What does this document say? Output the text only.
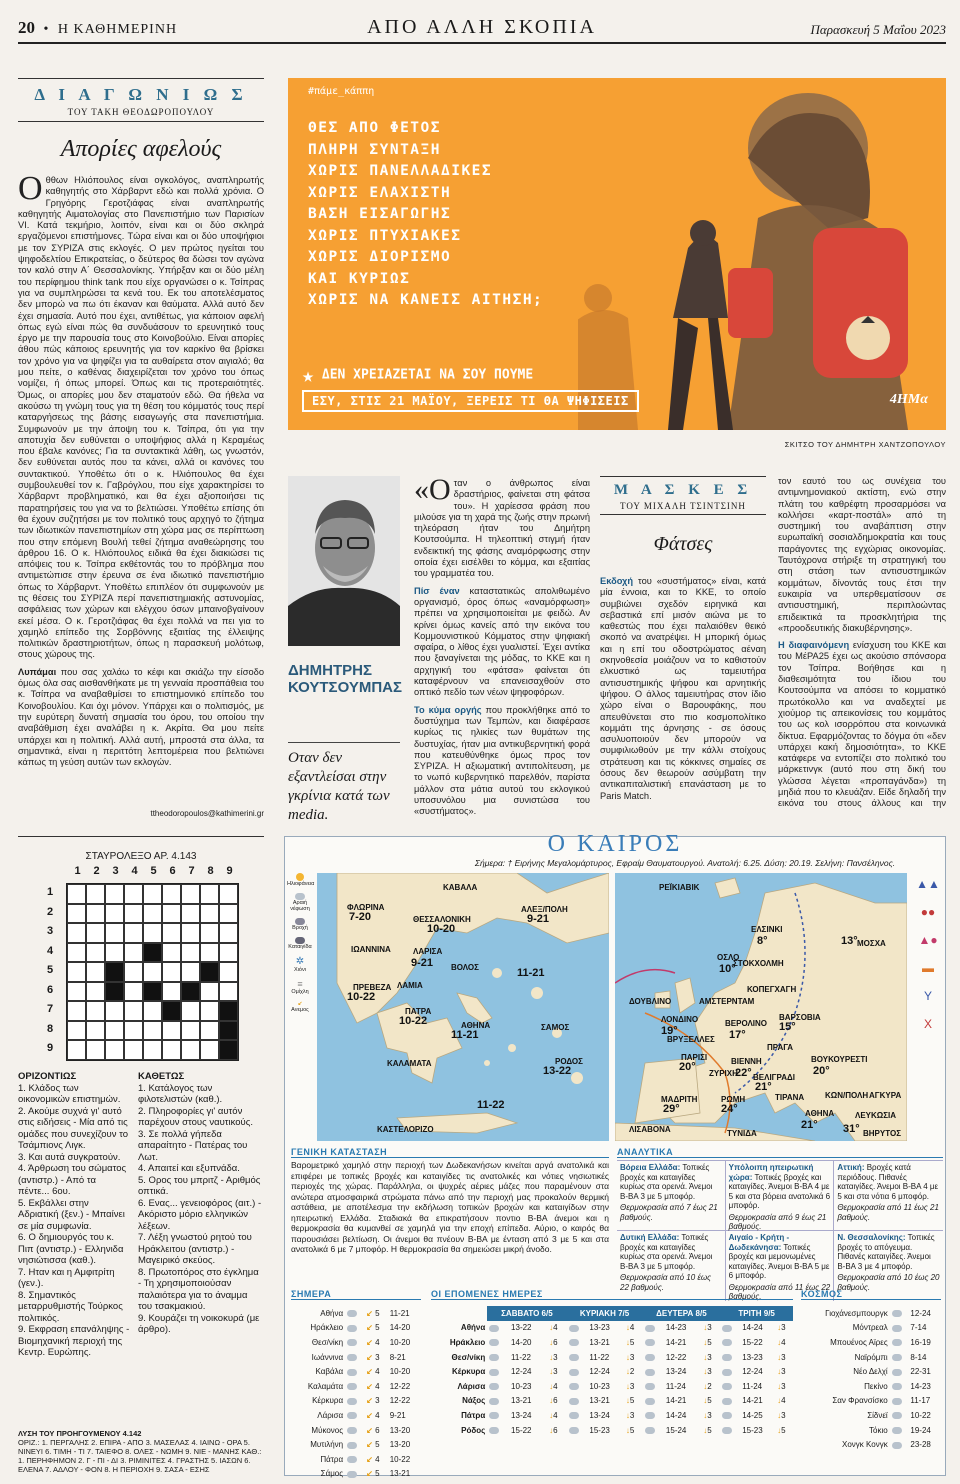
20 • Η ΚΑΘΗΜΕΡΙΝΗ	ΑΠΟ ΑΛΛΗ ΣΚΟΠΙΑ	Παρασκευή 5 Μαΐου 2023
Δ Ι Α Γ Ω Ν Ι Ω Σ
ΤΟΥ ΤΑΚΗ ΘΕΟΔΩΡΟΠΟΥΛΟΥ
Απορίες αφελούς

Οθθων Ηλιόπουλος είναι ογκολόγος, αναπληρωτής καθηγητής στο Χάρβαρντ εδώ και πολλά χρόνια. Ο Γρηγόρης Γεροτζιάφας είναι αναπληρωτής καθηγητής Αιματολογίας στο Πανεπιστήμιο των Παρισίων VI. Κατά τεκμήριο, λοιπόν, είναι και οι δύο σκληρά εργαζόμενοι επιστήμονες. Τώρα είναι και οι δύο υποψήφιοι με τον ΣΥΡΙΖΑ στις εκλογές. Ο μεν πρώτος ηγείται του ψηφοδελτίου Επικρατείας, ο δεύτερος θα δώσει τον αγώνα τον καλό στην Α΄ Θεσσαλονίκης. Υπήρξαν και οι δύο μέλη του περίφημου think tank που είχε οργανώσει ο κ. Τσίπρας για να συμπληρώσει τα κενά του. Εκ του αποτελέσματος δεν μπορώ να πω ότι έκαναν και θαύματα. Αλλά αυτό δεν έχει σημασία. Αυτό που έχει, αντιθέτως, για κάποιον αφελή όπως εγώ είναι πώς θα συνδυάσουν το ερευνητικό τους έργο με την παρουσία τους στο Κοινοβούλιο. Είναι απορίες άθου πώς κάποιος ερευνητής για τον καρκίνο θα βρίσκει τον χρόνο για να ψηφίζει για τα αυθαίρετα στον αιγιαλό; θα μου πείτε, ο καθένας διαχειρίζεται τον χρόνο του όπως νομίζει, ή όπως μπορεί. Όπως και τις προτεραιότητές. Όμως, οι απορίες μου δεν σταματούν εδώ. Θα ήθελα να ακούσω τη γνώμη τους για τη θέση του κόμματός τους περί καταργήσεως της βάσης εισαγωγής στα πανεπιστήμια. Συμφωνούν με την άποψη του κ. Τσίπρα, ότι για την αποτυχία δεν ευθύνεται ο υποψήφιος αλλά η Κεραμέως που έβαλε κανόνες; Για τα συντακτικά λάθη, ως γνωστόν, δεν ευθύνεται αυτός που τα κάνει, αλλά οι κανόνες του συντακτικού. Υποθέτω ότι ο κ. Ηλιόπουλος θα έχει συμβουλευθεί τον κ. Γαβρόγλου, που είχε χαρακτηρίσει το Χάρβαρντ προβληματικό, και θα έχει αξιοποιήσει τις παρατηρήσεις του για να το βελτιώσει. Υποθέτω επίσης ότι θα έχουν συζητήσει με τον πολιτικό τους αρχηγό το ζήτημα των ιδιωτικών πανεπιστημίων στη χώρα μας σε περίπτωση που στην επόμενη Βουλή τεθεί ζήτημα αναθεώρησης του άρθρου 16. Ο κ. Ηλιόπουλος ειδικά θα έχει διακιώσει τις απόψεις του κ. Τσίπρα εκθέτοντάς του το πρόβλημα που αντιμετώπισε στην έρευνα σε ένα ιδιωτικό πανεπιστήμιο όπως το Χάρβαρντ. Υποθέτω επιπλέον ότι συμφωνούν με τις θέσεις του ΣΥΡΙΖΑ περί πανεπιστημιακής αστυνομίας, ασφάλειας των χώρων και ελέγχου όσων μπαινοβγαίνουν εκεί μέσα. Ο κ. Γεροτζιάφας θα έχει πολλά να πει για το χαμηλό επίπεδο της Σορβόννης εξαιτίας της έλλειψης πολιτικών δραστηριοτήτων, όπως η παρασκευή μολότωφ, στους χώρους της.

Λυπάμαι που σας χαλάω το κέφι και σκιάζω την είσοδο όμως όλα σας αισθανθήκατε με τη γενναία προσπάθεια του κ. Τσίπρα να αναβαθμίσει το επιστημονικό επίπεδο του Κοινοβουλίου. Και όχι μόνον. Υπάρχει και ο πολιτισμός, με την ευρύτερη δυνατή σημασία του όρου, του οποίου την αναβάθμιση έχει αναλάβει η κ. Ακρίτα. Θα μου πείτε υπάρχει και η πολιτική. Αλλά αυτή, μπροστά στα άλλα, τα σημαντικά, είναι η περιττότη λεπτομέρεια που βελτιώνει κάπως τη γεύση αυτών των εκλογών.

ttheodoropoulos@kathimerini.gr
#πάμε_κάππη
ΘΕΣ ΑΠΟ ΦΕΤΟΣ
ΠΛΗΡΗ ΣΥΝΤΑΞΗ
ΧΩΡΙΣ ΠΑΝΕΛΛΑΔΙΚΕΣ
ΧΩΡΙΣ ΕΛΑΧΙΣΤΗ
ΒΑΣΗ ΕΙΣΑΓΩΓΗΣ
ΧΩΡΙΣ ΠΤΥΧΙΑΚΕΣ
ΧΩΡΙΣ ΔΙΟΡΙΣΜΟ
ΚΑΙ ΚΥΡΙΩΣ
ΧΩΡΙΣ ΝΑ ΚΑΝΕΙΣ ΑΙΤΗΣΗ;
ΕΣΥ, ΣΤΙΣ 21 ΜΑΪΟΥ, ΞΕΡΕΙΣ ΤΙ ΘΑ ΨΗΦΙΣΕΙΣ
★ ΔΕΝ ΧΡΕΙΑΖΕΤΑΙ ΝΑ ΣΟΥ ΠΟΥΜΕ
4HΜα
ΣΚΙΤΣΟ ΤΟΥ ΔΗΜΗΤΡΗ ΧΑΝΤΖΟΠΟΥΛΟΥ
ΔΗΜΗΤΡΗΣ
ΚΟΥΤΣΟΥΜΠΑΣ
Οταν δεν εξαντλείσαι στην γκρίνια κατά των media.

«Οταν ο άνθρωπος είναι δραστήριος, φαίνεται στη φάτσα του». Η χαρίεσσα φράση που μιλούσε για τη χαρά της ζωής στην πρωινή τηλεόραση ήταν του Δημήτρη Κουτσούμπα. Η τηλεοπτική στιγμή ήταν ενδεικτική της φάσης αναμόρφωσης στην οποία έχει εισέλθει το κόμμα, και εξαιτίας του γραμματέα του.

Πίσ έναν καταστατικώς απολιθωμένο οργανισμό, όρος όπως «αναμόρφωση» πρέπει να χρησιμοποιείται με φειδώ. Αν κρίνει όμως κανείς από την εικόνα του Κομμουνιστικού Κόμματος στην ψηφιακή σφαίρα, ο λίθος έχει γυαλιστεί. Έχει αντίκα που ξαναγίνεται της μόδας, το ΚΚΕ και η αρχηγική του «φάτσα» φαίνεται ότι καταφέρνουν να επανεισαχθούν στο οπτικό πεδίο των νέων ψηφοφόρων.

Το κύμα οργής που προκλήθηκε από το δυστύχημα των Τεμπών, και διαφέρασε κυρίως τις ηλικίες των θυμάτων της δυστυχίας, ήταν μια αντικυβερνητική φορά που κατευθύνθηκε όμως προς τον ΣΥΡΙΖΑ. Η αξιωματική αντιπολίτευση, με το νωπό κυβερνητικό παρελθόν, παρίστα μάλλον στα μάτια αυτού του εκλογικού υποσυνόλου μια συνιστώσα του «συστήματος».

Μ Α Σ Κ Ε Σ
ΤΟΥ ΜΙΧΑΛΗ ΤΣΙΝΤΣΙΝΗ
Φάτσες

Εκδοχή του «συστήματος» είναι, κατά μία έννοια, και το ΚΚΕ, το οποίο συμβιώνει σχεδόν ειρηνικά και σεβαστικά επί μισόν αιώνα με το καθεστώς που έχει παλαιόθεν θεικό σκοπό να ανατρέψει. Η μπορική όμως και η επί του οδοστρώματος αέναη σκηνοθεσία μοιάζουν να το καθιστούν ελκυστικό ως ταμειυτήρα αντισυστημικής ψήφου και αρνητικής ψήφου. Ο άλλος ταμειυτήρας στον ίδιο χώρο είναι ο Βαρουφάκης, που απευθύνεται στο πιο κοσμοπολίτικο κομμάτι της άρνησης - σε όσους ασυλυοποιούν δεν μπορούν να συμφιλιωθούν με την κάλλι στοίχους στράτευση και τις κόκκινες σημαίες σε όσους δεν θεωρούν ασύμβατη την αντικαπιταλιστική επανάσταση με το Paris Match.

τον εαυτό του ως συνέχεια του αντιμνημονιακού ακτίστη, ενώ στην πλάτη του καθρέφτη προσαρμόσει να κολλήσει «καρτ-ποστάλ» από τη συστημική του αναβάπτιση στην ευρωπαϊκή σοσιαλδημοκρατία και τους παράγοντες της εγχώριας οικονομίας. Ταυτόχρονα στήριξε τη στρατηγική του στη στάση των αντισυστημικών κομμάτων, δίνοντάς τους έτσι την ευκαιρία να υπερθεματίσουν σε αντισυστημική, περιπλοώντας επιδεικτικά τα προσκλητήρια της «προοδευτικής διακυβέρνησης».

Η διαφαινόμενη ενίσχυση του ΚΚΕ και του ΜέΡΑ25 έχει ως ακούσιο σπόνσορα τον Τσίπρα. Βοήθησε και η διαθεσιμότητα του ίδιου του Κουτσούμπα να απόσει το κομματικό πρωτόκολλο και να αναδεχτεί με χιούμορ τις απεικονίσεις του κομμάτος του ως κολ ισορρόπου στα κοινωνικά δίκτυα. Εφαρμόζοντας το δόγμα ότι «δεν υπάρχει κακή δημοσιότητα», το ΚΚΕ κατάφερε να εντοπίζει στο πολιτικό του μάρκετινγκ (αυτό που στη δική του γλώσσα λέγεται «προπαγάνδα») τη μηδιά που το κλευάζαν. Είδε δηλαδή την εικόνα του στους άλλους και την

ΣΤΑΥΡΟΛΕΞΟ ΑΡ. 4.143
1	2	3	4	5	6	7	8	9
1
2
3
4
5
6
7
8
9
ΟΡΙΖΟΝΤΙΩΣ
1. Κλάδος των οικονομικών επιστημών.
2. Ακούμε συχνά γι' αυτό στις ειδήσεις - Μία από τις ομάδες που συνεχίζουν το Τσάμπιονς Λιγκ.
3. Και αυτά συγκρατούν.
4. Άρθρωση του σώματος (αντιστρ.) - Από τα πέντε... 6ου.
5. Εκβάλλει στην Αδριατική (ξεν.) - Μπαίνει σε μία συμφωνία.
6. Ο δημιουργός του κ. Πιπ (αντιστρ.) - Ελληνιδα νησιώτισσα (καθ.).
7. Ηταν και η Αμφιτρίτη (γεν.).
8. Σημαντικός μεταρρυθμιστής Τούρκος πολιτικός.
9. Εκφραση επανάληψης - Βιομηχανική περιοχή της Κεντρ. Ευρώπης.
ΚΑΘΕΤΩΣ
1. Κατάλογος των φιλοτελιστών (καθ.).
2. Πληροφορίες γι' αυτόν παρέχουν στους ναυτικούς.
3. Σε πολλά γήπεδα απαραίτητο - Πατέρας του Λωτ.
4. Απαιτεί και εξυπνάδα.
5. Ορος του μπριτζ - Αριθμός οπτικά.
6. Ενας... γενειοφόρος (αιτ.) - Ακόριστο μόριο ελληνικών λέξεων.
7. Λέξη γνωστού ρητού του Ηράκλειτου (αντιστρ.) - Μαγειρικό σκεύος.
8. Πρωτοπόρος στο έγκλημα - Τη χρησιμοποιούσαν παλαιότερα για το άναμμα του τσακμακιού.
9. Κουράζει τη νοικοκυρά (με άρθρο).
ΛΥΣΗ ΤΟΥ ΠΡΟΗΓΟΥΜΕΝΟΥ 4.142
ΟΡΙΖ.: 1. ΠΕΡΓΑΛΗΣ 2. ΕΠΙΡΑ - ΑΠΟ 3. ΜΑΣΕΛΑΣ 4. ΙΑΙΝΩ - ΟΡΑ 5. ΝΙΝΕΥΙ 6. ΤΙΜΗ - ΤΙ 7. ΤΑΙΕΦΟ 8. ΟΛΕΣ - ΝΩΜΗ 9. ΝΙΕ - ΜΑΝΗΣ ΚΑΘ.: 1. ΠΕΡΗΦΗΜΟΝ 2. Γ - ΠΙ - ΔΙ 3. ΡΙΜΙΝΙΤΕΣ 4. ΓΡΑΣΤΗΣ 5. ΙΑΣΩΝ 6. ΕΛΕΝΑ 7. ΑΔΛΟΥ - ΦΟΝ 8. Η ΠΕΡΙΟΧΗ 9. ΣΑΣΑ - ΕΣΗΣ
Ο ΚΑΙΡΟΣ
Σήμερα: † Ειρήνης Μεγαλομάρτυρος, Εφραίμ Θαυματουργού. Ανατολή: 6.25. Δύση: 20.19. Σελήνη: Πανσέληνος.
Ηλιοφάνεια
Αραιή νέφωση
Βροχή
Καταιγίδα
✲
Χιόνι
≡
Ομίχλη
↙
Ανεμος
ΚΑΒΑΛΑ
ΦΛΩΡΙΝΑ
7-20	ΘΕΣΣΑΛΟΝΙΚΗ
10-20
ΑΛΕΞ/ΠΟΛΗ
9-21
ΙΩΑΝΝΙΝΑ	ΛΑΡΙΣΑ
9-21 ΒΟΛΟΣ
ΠΡΕΒΕΖΑ
10-22
ΛΑΜΙΑ
ΠΑΤΡΑ
10-22	ΑΘΗΝΑ
11-21
ΣΑΜΟΣ
ΚΑΛΑΜΑΤΑ	ΡΟΔΟΣ
13-22
11-22
ΚΑΣΤΕΛΟΡΙΖΟ
11-21
ΡΕΪΚΙΑΒΙΚ
ΕΛΣΙΝΚΙ
8°	ΜΟΣΧΑ
13°
ΟΣΛΟ
10°
ΣΤΟΚΧΟΛΜΗ
ΚΟΠΕΓΧΑΓΗ
ΔΟΥΒΛΙΝΟ	ΑΜΣΤΕΡΝΤΑΜ
ΛΟΝΔΙΝΟ
19°
ΒΕΡΟΛΙΝΟ
17°
ΒΑΡΣΟΒΙΑ
15°
ΒΡΥΞΕΛΛΕΣ
ΠΡΑΓΑ
ΠΑΡΙΣΙ
20°	ΒΙΕΝΝΗ
22°
ΒΟΥΚΟΥΡΕΣΤΙ
20°
ΖΥΡΙΧΗ ΒΕΛΙΓΡΑΔΙ
21°
ΡΩΜΗ
24°
ΜΑΔΡΙΤΗ
29°
ΤΙΡΑΝΑ	ΚΩΝ/ΠΟΛΗ ΑΓΚΥΡΑ
ΛΙΣΑΒΟΝΑ
ΑΘΗΝΑ
21°
ΛΕΥΚΩΣΙΑ
31° ΒΗΡΥΤΟΣ
ΤΥΝΙΔΑ
▲▲
●●
▲●
▬
Y
X
ΓΕΝΙΚΗ ΚΑΤΑΣΤΑΣΗ
Βαρομετρικό χαμηλό στην περιοχή των Δωδεκανήσων κινείται αργά ανατολικά και επιφέρει με τοπικές βροχές και καταιγίδες τις ανατολικές και νότιες νησιωτικές περιοχές της χώρας. Παράλληλα, οι ψυχρές αέριες μάζες που παραμένουν στα ανώτερα ατμοσφαιρικά στρώματα πάνω από την περιοχή μας προκαλούν θερμική αστάθεια, με αποτέλεσμα την εκδήλωση τοπικών βροχών και καταιγίδων στην ηπειρωτική Ελλάδα. Σταδιακά θα επικρατήσουν ποντιο Β-ΒΑ άνεμοι και η θερμοκρασία θα κυμανθεί σε χαμηλά για την εποχή επίπεδα. Αύριο, ο καιρός θα παρουσιάσει βελτίωση. Οι άνεμοι θα πνέουν Β-ΒΑ με ένταση από 3 με 5 και στα ανατολικά 6 με 7 μποφόρ. Η θερμοκρασία θα σημειώσει μικρή άνοδο.
ΑΝΑΛΥΤΙΚΑ
Βόρεια Ελλάδα: Τοπικές βροχές και καταιγίδες κυρίως στα ορεινά. Άνεμοι Β-ΒΑ 3 με 5 μποφόρ.
Θερμοκρασία από 7 έως 21 βαθμούς.
Υπόλοιπη ηπειρωτική χώρα: Τοπικές βροχές και καταιγίδες. Άνεμοι Β-ΒΑ 4 με 5 και στα βόρεια ανατολικά 6 μποφόρ.
Θερμοκρασία από 9 έως 21 βαθμούς.
Αττική: Βροχές κατά περιόδους. Πιθανές καταιγίδες. Άνεμοι Β-ΒΑ 4 με 5 και στα νότια 6 μποφόρ.
Θερμοκρασία από 11 έως 21 βαθμούς.
Δυτική Ελλάδα: Τοπικές βροχές και καταιγίδες κυρίως στα ορεινά. Άνεμοι Β-ΒΑ 3 με 5 μποφόρ.
Θερμοκρασία από 10 έως 22 βαθμούς.
Αιγαίο - Κρήτη - Δωδεκάνησα: Τοπικές βροχές και μεμονωμένες καταιγίδες. Άνεμοι Β-ΒΑ 5 με 6 μποφόρ.
Θερμοκρασία από 11 έως 22 βαθμούς.
Ν. Θεσσαλονίκης: Τοπικές βροχές το απόγευμα. Πιθανές καταιγίδες. Άνεμοι Β-ΒΑ 3 με 4 μποφόρ.
Θερμοκρασία από 10 έως 20 βαθμούς.
ΣΗΜΕΡΑ
Αθήνα		↙ 5	11-21
Ηράκλειο		↙ 5	14-20
Θεσ/νίκη		↙ 4	10-20
Ιωάννινα		↙ 3	8-21
Καβάλα		↙ 4	10-20
Καλαμάτα		↙ 4	12-22
Κέρκυρα		↙ 3	12-22
Λάρισα		↙ 4	9-21
Μύκονος		↙ 6	13-20
Μυτιλήνη		↙ 5	13-20
Πάτρα		↙ 4	10-22
Σάμος		↙ 5	13-21

ΟΙ ΕΠΟΜΕΝΕΣ ΗΜΕΡΕΣ
	ΣΑΒΒΑΤΟ 6/5			ΚΥΡΙΑΚΗ 7/5			ΔΕΥΤΕΡΑ 8/5			ΤΡΙΤΗ 9/5		
Αθήνα		13-22	↓4		13-23	↓4		14-23	↓3		14-24	↓3
Ηράκλειο		14-20	↓6		13-21	↓5		14-21	↓5		15-22	↓4
Θεσ/νίκη		11-22	↓3		11-22	↓3		12-22	↓3		13-23	↓3
Κέρκυρα		12-24	↓3		12-24	↓2		13-24	↓3		12-24	↓3
Λάρισα		10-23	↓4		10-23	↓3		11-24	↓2		11-24	↓3
Νάξος		13-21	↓6		13-21	↓5		14-21	↓5		14-21	↓4
Πάτρα		13-24	↓4		13-24	↓3		14-24	↓3		14-25	↓3
Ρόδος		15-22	↓6		15-23	↓5		15-24	↓5		15-23	↓5
ΚΟΣΜΟΣ
Γιοχάνεσμπουργκ		12-24
Μόντρεαλ		7-14
Μπουένος Αϊρες		16-19
Ναϊρόμπι		8-14
Νέο Δελχί		22-31
Πεκίνο		14-23
Σαν Φρανσίσκο		11-17
Σίδνεϊ		10-22
Τόκιο		19-24
Χονγκ Κονγκ		23-28
